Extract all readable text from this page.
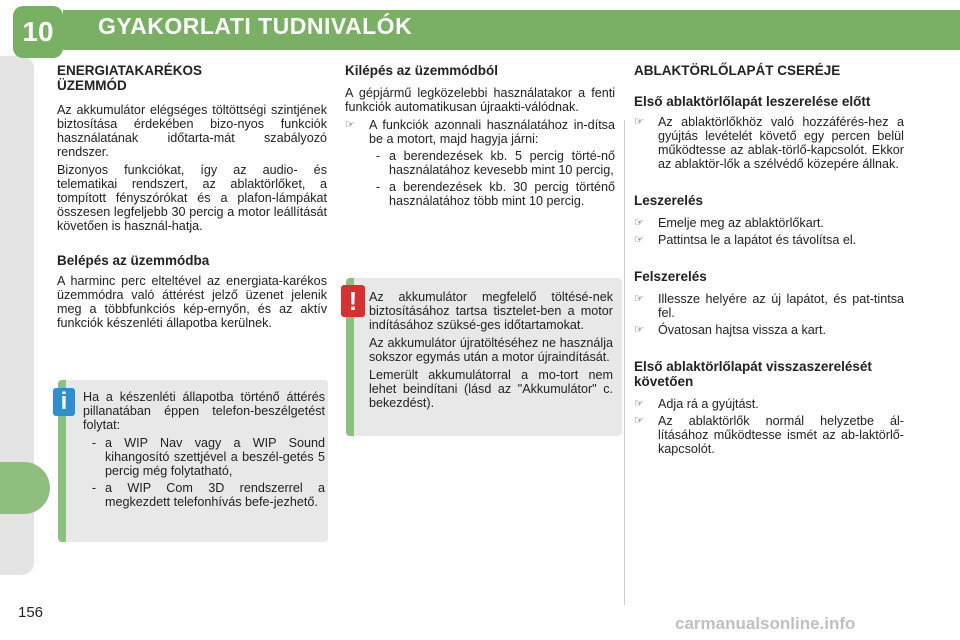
10	GYAKORLATI TUDNIVALÓK
ENERGIATAKARÉKOS ÜZEMMÓD

Az akkumulátor elégséges töltöttségi szintjének biztosítása érdekében bizo-nyos funkciók használatának időtarta-mát szabályozó rendszer.

Bizonyos funkciókat, így az audio- és telematikai rendszert, az ablaktörlőket, a tompított fényszórókat és a plafon-lámpákat összesen legfeljebb 30 percig a motor leállítását követően is használ-hatja.

Belépés az üzemmódba

A harminc perc elteltével az energiata-karékos üzemmódra való áttérést jelző üzenet jelenik meg a többfunkciós kép-ernyőn, és az aktív funkciók készenléti állapotba kerülnek.

Ha a készenléti állapotba történő áttérés pillanatában éppen telefon-beszélgetést folytat:

- a WIP Nav vagy a WIP Sound kihangosító szettjével a beszél-getés 5 percig még folytatható,
- a WIP Com 3D rendszerrel a megkezdett telefonhívás befe-jezhető.
i
Kilépés az üzemmódból

A gépjármű legközelebbi használatakor a fenti funkciók automatikusan újraakti-válódnak.

☞	A funkciók azonnali használatához in-dítsa be a motort, majd hagyja járni:
- a berendezések kb. 5 percig törté-nő használatához kevesebb mint 10 percig,
- a berendezések kb. 30 percig történő használatához több mint 10 percig.

Az akkumulátor megfelelő töltésé-nek biztosításához tartsa tisztelet-ben a motor indításához szüksé-ges időtartamokat.

Az akkumulátor újratöltéséhez ne használja sokszor egymás után a motor újraindítását.

Lemerült akkumulátorral a mo-tort nem lehet beindítani (lásd az "Akkumulátor" c. bekezdést).

!
ABLAKTÖRLŐLAPÁT CSERÉJE
Első ablaktörlőlapát leszerelése előtt
☞	Az ablaktörlőkhöz való hozzáférés-hez a gyújtás levételét követő egy percen belül működtesse az ablak-törlő-kapcsolót. Ekkor az ablaktör-lők a szélvédő közepére állnak.
Leszerelés
☞	Emelje meg az ablaktörlőkart.
☞	Pattintsa le a lapátot és távolítsa el.
Felszerelés
☞	Illessze helyére az új lapátot, és pat-tintsa fel.
☞	Óvatosan hajtsa vissza a kart.
Első ablaktörlőlapát visszaszerelését követően
☞	Adja rá a gyújtást.
☞	Az ablaktörlők normál helyzetbe ál-lításához működtesse ismét az ab-laktörlő-kapcsolót.
156
carmanualsonline.info
